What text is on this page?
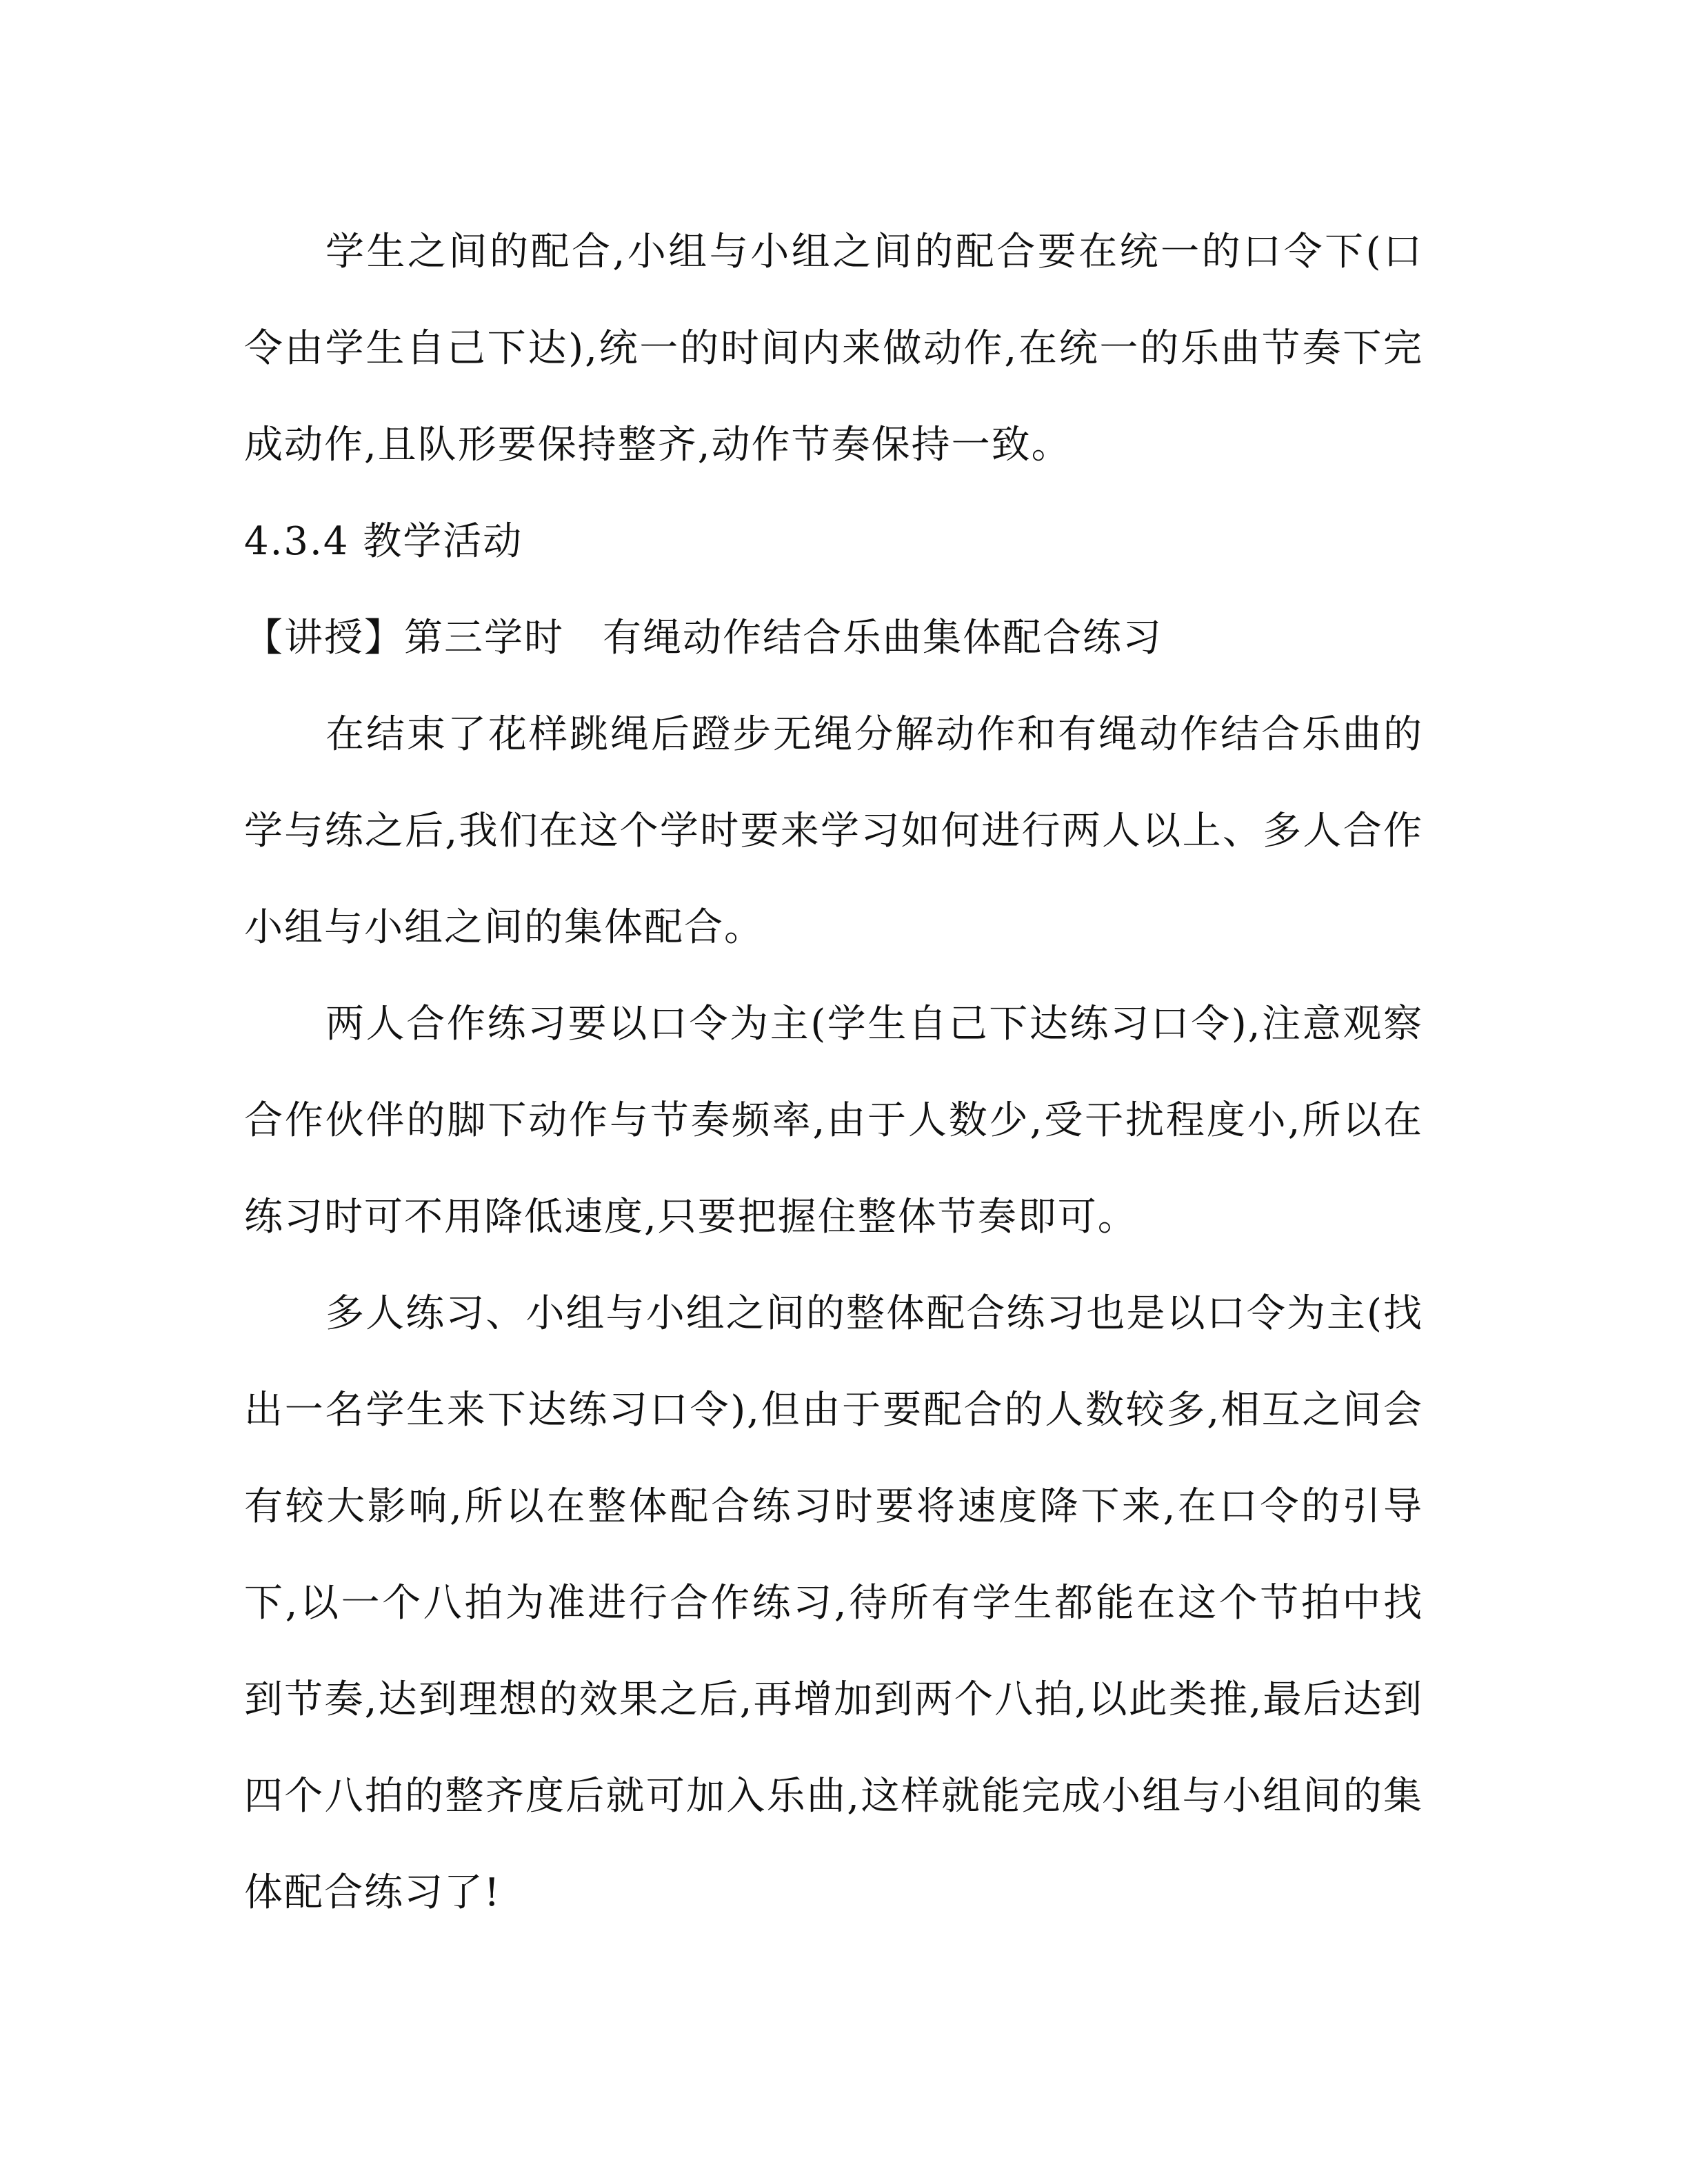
学生之间的配合,小组与小组之间的配合要在统一的口令下(口令由学生自己下达),统一的时间内来做动作,在统一的乐曲节奏下完成动作,且队形要保持整齐,动作节奏保持一致。

4.3.4 教学活动

【讲授】第三学时 有绳动作结合乐曲集体配合练习

在结束了花样跳绳后蹬步无绳分解动作和有绳动作结合乐曲的学与练之后,我们在这个学时要来学习如何进行两人以上、多人合作小组与小组之间的集体配合。

两人合作练习要以口令为主(学生自己下达练习口令),注意观察合作伙伴的脚下动作与节奏频率,由于人数少,受干扰程度小,所以在练习时可不用降低速度,只要把握住整体节奏即可。

多人练习、小组与小组之间的整体配合练习也是以口令为主(找出一名学生来下达练习口令),但由于要配合的人数较多,相互之间会有较大影响,所以在整体配合练习时要将速度降下来,在口令的引导下,以一个八拍为准进行合作练习,待所有学生都能在这个节拍中找到节奏,达到理想的效果之后,再增加到两个八拍,以此类推,最后达到四个八拍的整齐度后就可加入乐曲,这样就能完成小组与小组间的集体配合练习了!
